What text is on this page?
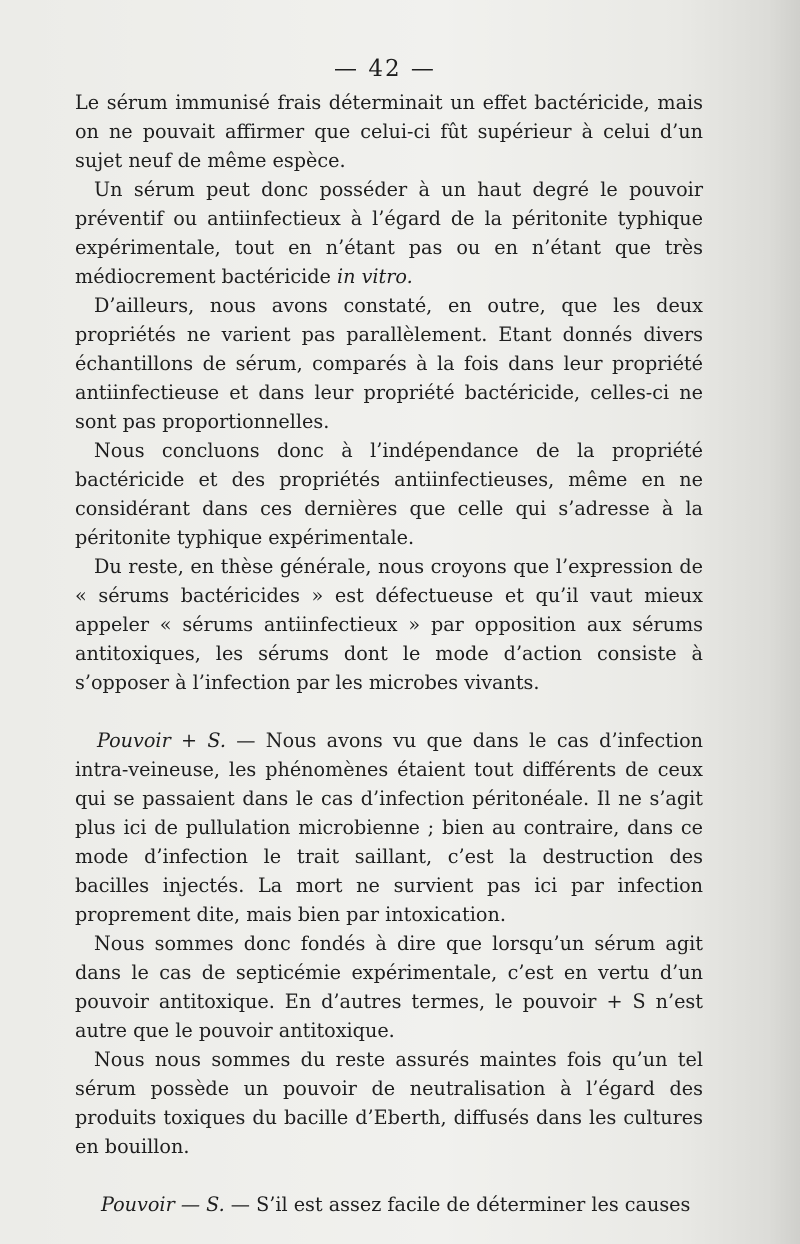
— 42 —

Le sérum immunisé frais déterminait un effet bactéricide, mais on ne pouvait affirmer que celui-ci fût supérieur à celui d’un sujet neuf de même espèce.

Un sérum peut donc posséder à un haut degré le pouvoir préventif ou antiinfectieux à l’égard de la péritonite typhique expérimentale, tout en n’étant pas ou en n’étant que très médiocrement bactéricide in vitro.

D’ailleurs, nous avons constaté, en outre, que les deux propriétés ne varient pas parallèlement. Etant donnés divers échantillons de sérum, comparés à la fois dans leur propriété antiinfectieuse et dans leur propriété bactéricide, celles-ci ne sont pas proportionnelles.

Nous concluons donc à l’indépendance de la propriété bactéricide et des propriétés antiinfectieuses, même en ne considérant dans ces dernières que celle qui s’adresse à la péritonite typhique expérimentale.

Du reste, en thèse générale, nous croyons que l’expression de « sérums bactéricides » est défectueuse et qu’il vaut mieux appeler « sérums antiinfectieux » par opposition aux sérums antitoxiques, les sérums dont le mode d’action consiste à s’opposer à l’infection par les microbes vivants.

Pouvoir + S. — Nous avons vu que dans le cas d’infection intra-veineuse, les phénomènes étaient tout différents de ceux qui se passaient dans le cas d’infection péritonéale. Il ne s’agit plus ici de pullulation microbienne ; bien au contraire, dans ce mode d’infection le trait saillant, c’est la destruction des bacilles injectés. La mort ne survient pas ici par infection proprement dite, mais bien par intoxication.

Nous sommes donc fondés à dire que lorsqu’un sérum agit dans le cas de septicémie expérimentale, c’est en vertu d’un pouvoir antitoxique. En d’autres termes, le pouvoir + S n’est autre que le pouvoir antitoxique.

Nous nous sommes du reste assurés maintes fois qu’un tel sérum possède un pouvoir de neutralisation à l’égard des produits toxiques du bacille d’Eberth, diffusés dans les cultures en bouillon.

Pouvoir — S. — S’il est assez facile de déterminer les causes
